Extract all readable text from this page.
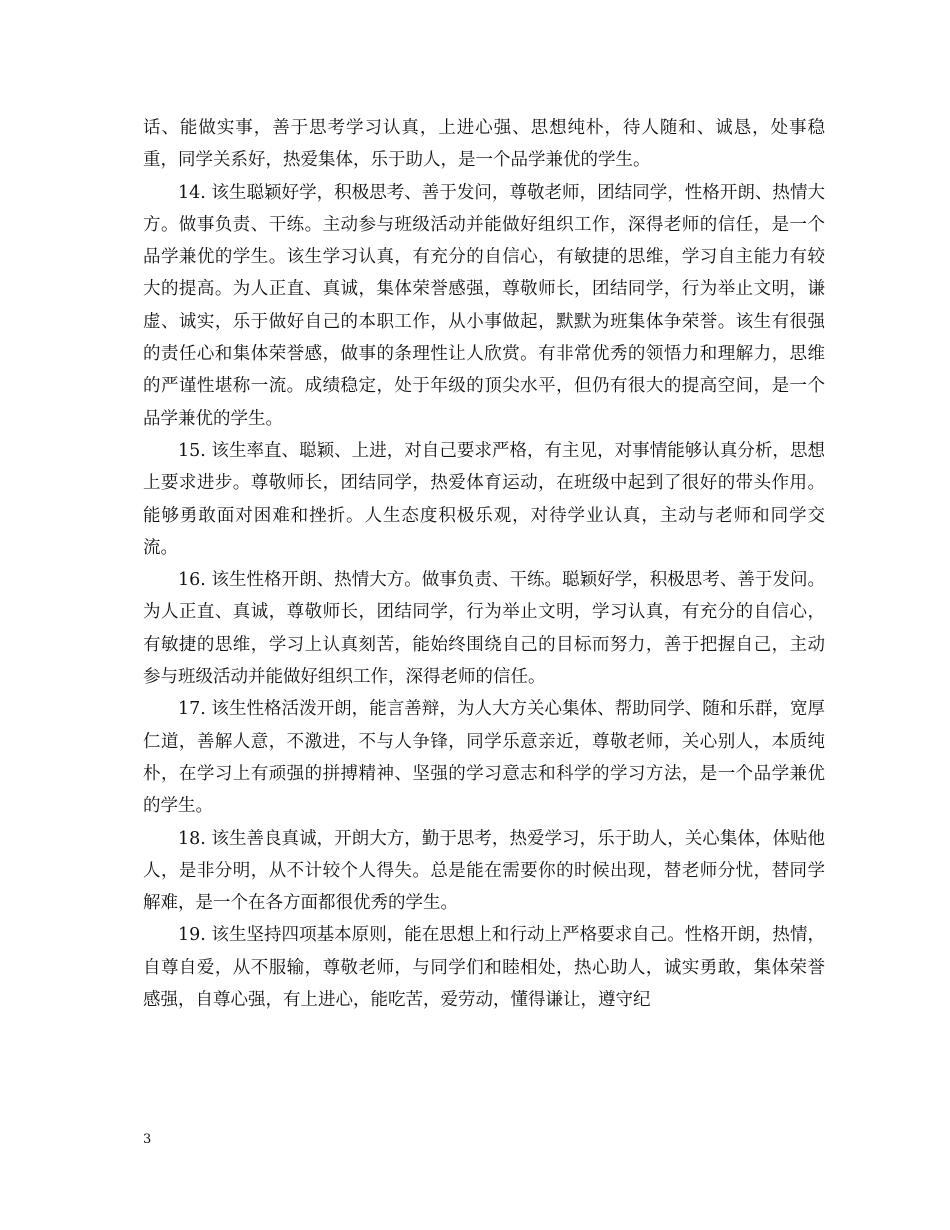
话、能做实事，善于思考学习认真，上进心强、思想纯朴，待人随和、诚恳，处事稳重，同学关系好，热爱集体，乐于助人，是一个品学兼优的学生。

14. 该生聪颖好学，积极思考、善于发问，尊敬老师，团结同学，性格开朗、热情大方。做事负责、干练。主动参与班级活动并能做好组织工作，深得老师的信任，是一个品学兼优的学生。该生学习认真，有充分的自信心，有敏捷的思维，学习自主能力有较大的提高。为人正直、真诚，集体荣誉感强，尊敬师长，团结同学，行为举止文明，谦虚、诚实，乐于做好自己的本职工作，从小事做起，默默为班集体争荣誉。该生有很强的责任心和集体荣誉感，做事的条理性让人欣赏。有非常优秀的领悟力和理解力，思维的严谨性堪称一流。成绩稳定，处于年级的顶尖水平，但仍有很大的提高空间，是一个品学兼优的学生。

15. 该生率直、聪颖、上进，对自己要求严格，有主见，对事情能够认真分析，思想上要求进步。尊敬师长，团结同学，热爱体育运动，在班级中起到了很好的带头作用。能够勇敢面对困难和挫折。人生态度积极乐观，对待学业认真，主动与老师和同学交流。

16. 该生性格开朗、热情大方。做事负责、干练。聪颖好学，积极思考、善于发问。为人正直、真诚，尊敬师长，团结同学，行为举止文明，学习认真，有充分的自信心，有敏捷的思维，学习上认真刻苦，能始终围绕自己的目标而努力，善于把握自己，主动参与班级活动并能做好组织工作，深得老师的信任。

17. 该生性格活泼开朗，能言善辩，为人大方关心集体、帮助同学、随和乐群，宽厚仁道，善解人意，不激进，不与人争锋，同学乐意亲近，尊敬老师，关心别人，本质纯朴，在学习上有顽强的拼搏精神、坚强的学习意志和科学的学习方法，是一个品学兼优的学生。

18. 该生善良真诚，开朗大方，勤于思考，热爱学习，乐于助人，关心集体，体贴他人，是非分明，从不计较个人得失。总是能在需要你的时候出现，替老师分忧，替同学解难，是一个在各方面都很优秀的学生。

19. 该生坚持四项基本原则，能在思想上和行动上严格要求自己。性格开朗，热情，自尊自爱，从不服输，尊敬老师，与同学们和睦相处，热心助人，诚实勇敢，集体荣誉感强，自尊心强，有上进心，能吃苦，爱劳动，懂得谦让，遵守纪

3
